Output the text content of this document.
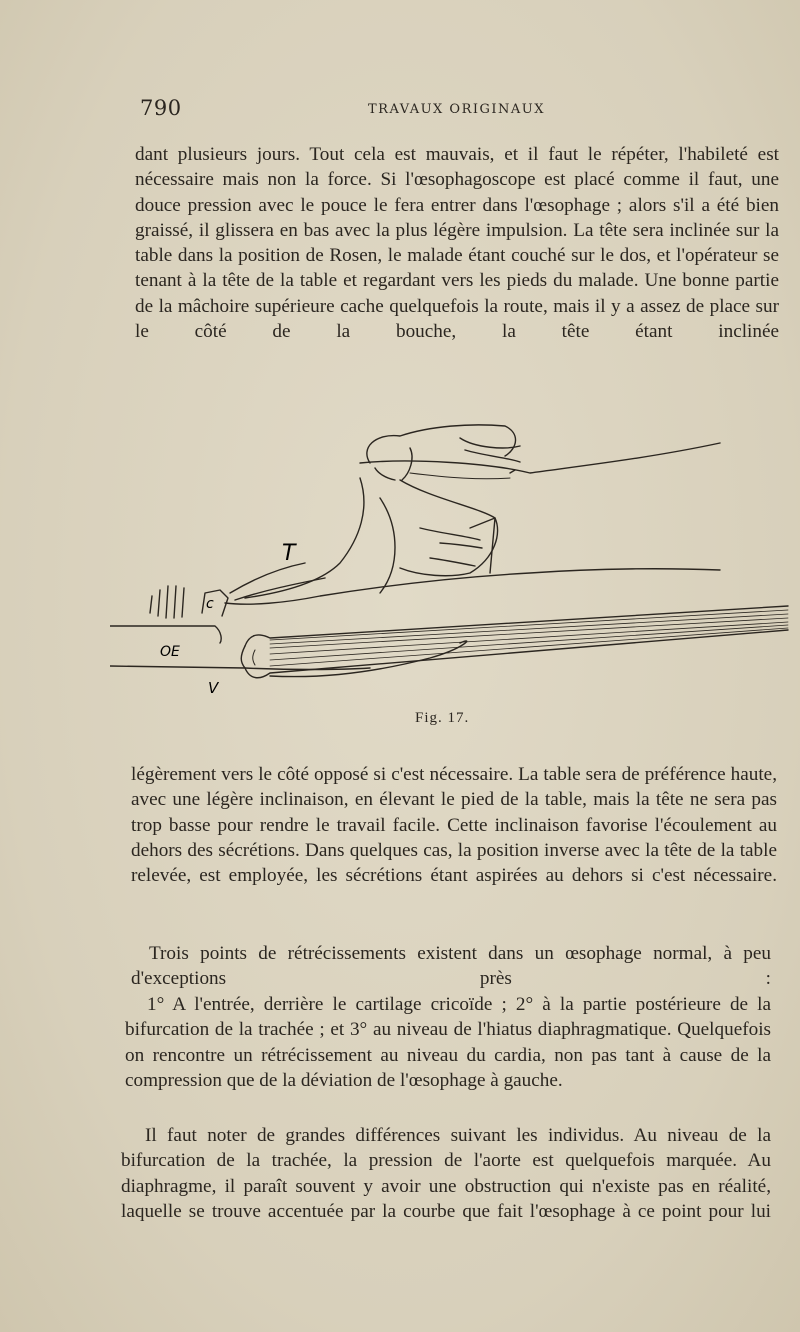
790	TRAVAUX ORIGINAUX

dant plusieurs jours. Tout cela est mauvais, et il faut le répéter, l'habileté est nécessaire mais non la force. Si l'œsophagoscope est placé comme il faut, une douce pression avec le pouce le fera entrer dans l'œsophage ; alors s'il a été bien graissé, il glissera en bas avec la plus légère impulsion. La tête sera inclinée sur la table dans la position de Rosen, le malade étant couché sur le dos, et l'opérateur se tenant à la tête de la table et regardant vers les pieds du malade. Une bonne partie de la mâchoire supérieure cache quelquefois la route, mais il y a assez de place sur le côté de la bouche, la tête étant inclinée

T
c
OE
V
Fig. 17.

légèrement vers le côté opposé si c'est nécessaire. La table sera de préférence haute, avec une légère inclinaison, en élevant le pied de la table, mais la tête ne sera pas trop basse pour rendre le travail facile. Cette inclinaison favorise l'écoulement au dehors des sécrétions. Dans quelques cas, la position inverse avec la tête de la table relevée, est employée, les sécrétions étant aspirées au dehors si c'est nécessaire.

Trois points de rétrécissements existent dans un œsophage normal, à peu d'exceptions près :

1° A l'entrée, derrière le cartilage cricoïde ; 2° à la partie postérieure de la bifurcation de la trachée ; et 3° au niveau de l'hiatus diaphragmatique. Quelquefois on rencontre un rétrécissement au niveau du cardia, non pas tant à cause de la compression que de la déviation de l'œsophage à gauche.

Il faut noter de grandes différences suivant les individus. Au niveau de la bifurcation de la trachée, la pression de l'aorte est quelquefois marquée. Au diaphragme, il paraît souvent y avoir une obstruction qui n'existe pas en réalité, laquelle se trouve accentuée par la courbe que fait l'œsophage à ce point pour lui
